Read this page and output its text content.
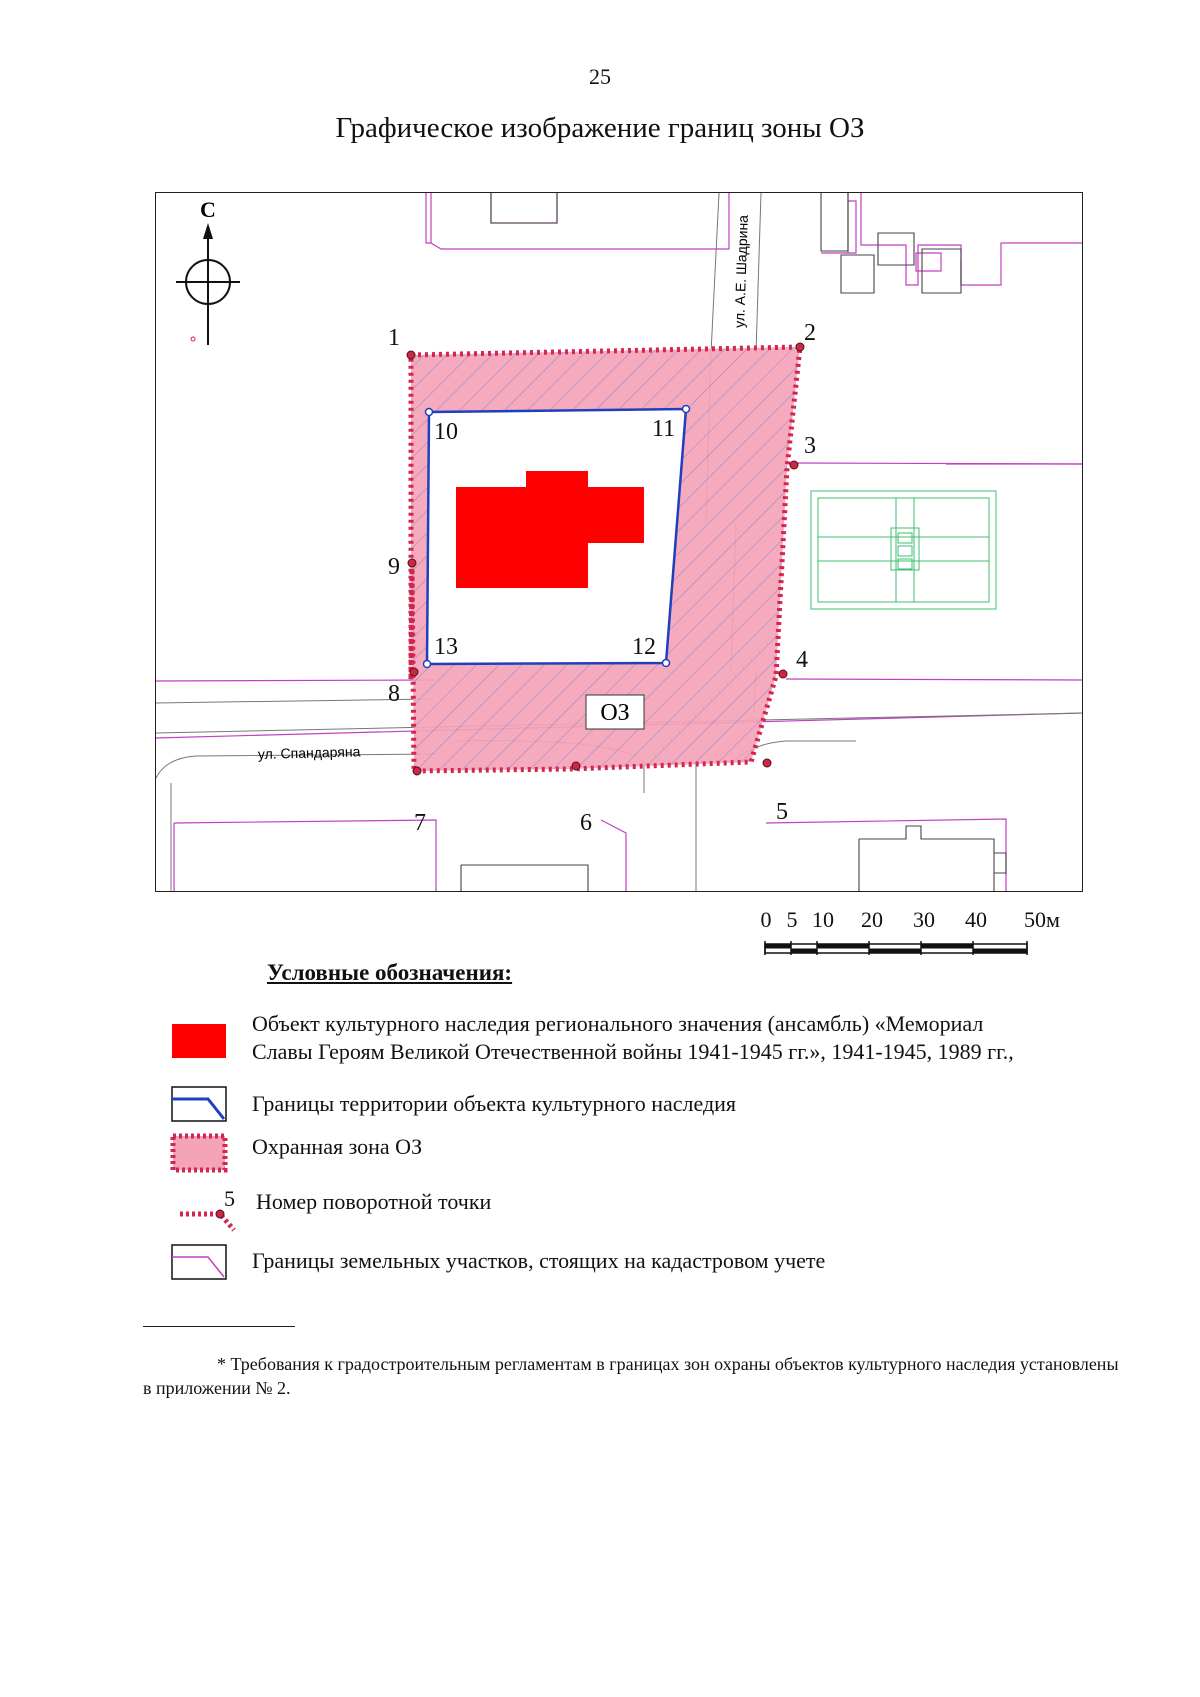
25
Графическое изображение границ зоны ОЗ
С
ул. А.Е. Шадрина
ул. Спандаряна
ОЗ
1	2
3
4
5
6
7
8
9
10	11
12
13
0 5 10 20 30 40 50м
Условные обозначения:
Объект культурного наследия регионального значения (ансамбль) «Мемориал
Славы Героям Великой Отечественной войны 1941-1945 гг.», 1941-1945, 1989 гг.,
Границы территории объекта культурного наследия
Охранная зона ОЗ
5 Номер поворотной точки
Границы земельных участков, стоящих на кадастровом учете
* Требования к градостроительным регламентам в границах зон охраны объектов культурного наследия установлены в приложении № 2.
